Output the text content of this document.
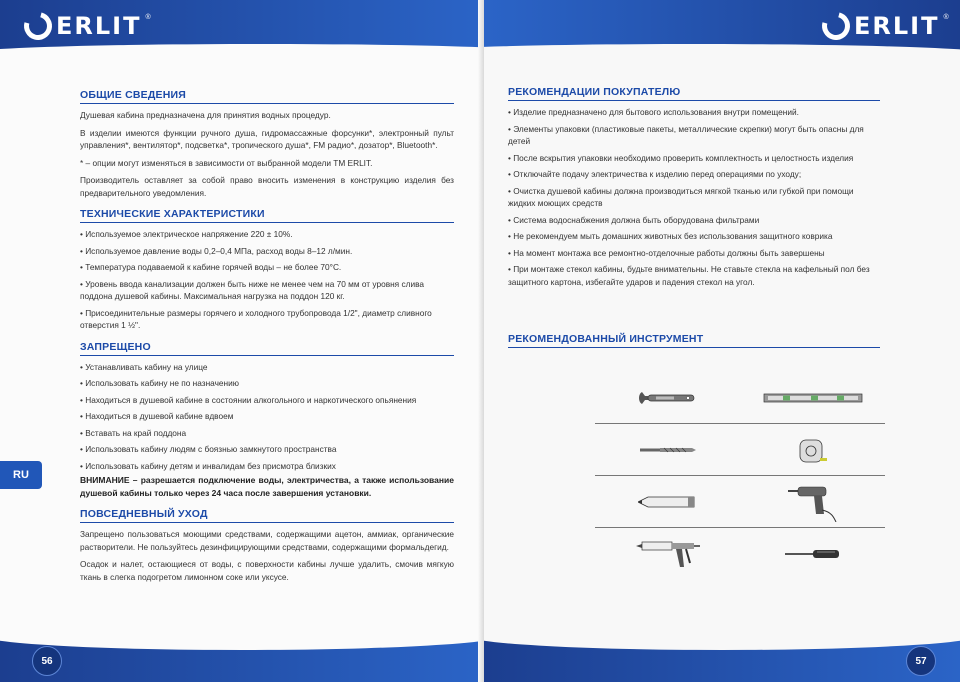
ERLIT ®
RU
ОБЩИЕ СВЕДЕНИЯ

Душевая кабина предназначена для принятия водных процедур.

В изделии имеются функции ручного душа, гидромассажные форсунки*, электронный пульт управления*, вентилятор*, подсветка*, тропического душа*, FM радио*, дозатор*, Bluetooth*.

* – опции могут изменяться в зависимости от выбранной модели ТМ ERLIT.

Производитель оставляет за собой право вносить изменения в конструкцию изделия без предварительного уведомления.

ТЕХНИЧЕСКИЕ ХАРАКТЕРИСТИКИ
• Используемое электрическое напряжение 220 ± 10%.
• Используемое давление воды 0,2–0,4 МПа, расход воды 8–12 л/мин.
• Температура подаваемой к кабине горячей воды – не более 70°С.
• Уровень ввода канализации должен быть ниже не менее чем на 70 мм от уровня слива поддона душевой кабины. Максимальная нагрузка на поддон 120 кг.
• Присоединительные размеры горячего и холодного трубопровода 1/2", диаметр сливного отверстия 1 ½".
ЗАПРЕЩЕНО
• Устанавливать кабину на улице
• Использовать кабину не по назначению
• Находиться в душевой кабине в состоянии алкогольного и наркотического опьянения
• Находиться в душевой кабине вдвоем
• Вставать на край поддона
• Использовать кабину людям с боязнью замкнутого пространства
• Использовать кабину детям и инвалидам без присмотра близких
ВНИМАНИЕ – разрешается подключение воды, электричества, а также использование душевой кабины только через 24 часа после завершения установки.
ПОВСЕДНЕВНЫЙ УХОД

Запрещено пользоваться моющими средствами, содержащими ацетон, аммиак, органические растворители. Не пользуйтесь дезинфицирующими средствами, содержащими формальдегид.

Осадок и налет, остающиеся от воды, с поверхности кабины лучше удалить, смочив мягкую ткань в слегка подогретом лимонном соке или уксусе.

56
ERLIT ®
РЕКОМЕНДАЦИИ ПОКУПАТЕЛЮ
• Изделие предназначено для бытового использования внутри помещений.
• Элементы упаковки (пластиковые пакеты, металлические скрепки) могут быть опасны для детей
• После вскрытия упаковки необходимо проверить комплектность и целостность изделия
• Отключайте подачу электричества к изделию перед операциями по уходу;
• Очистка душевой кабины должна производиться мягкой тканью или губкой при помощи жидких моющих средств
• Система водоснабжения должна быть оборудована фильтрами
• Не рекомендуем мыть домашних животных без использования защитного коврика
• На момент монтажа все ремонтно-отделочные работы должны быть завершены
• При монтаже стекол кабины, будьте внимательны. Не ставьте стекла на кафельный пол без защитного картона, избегайте ударов и падения стекол на угол.
РЕКОМЕНДОВАННЫЙ ИНСТРУМЕНТ
57
